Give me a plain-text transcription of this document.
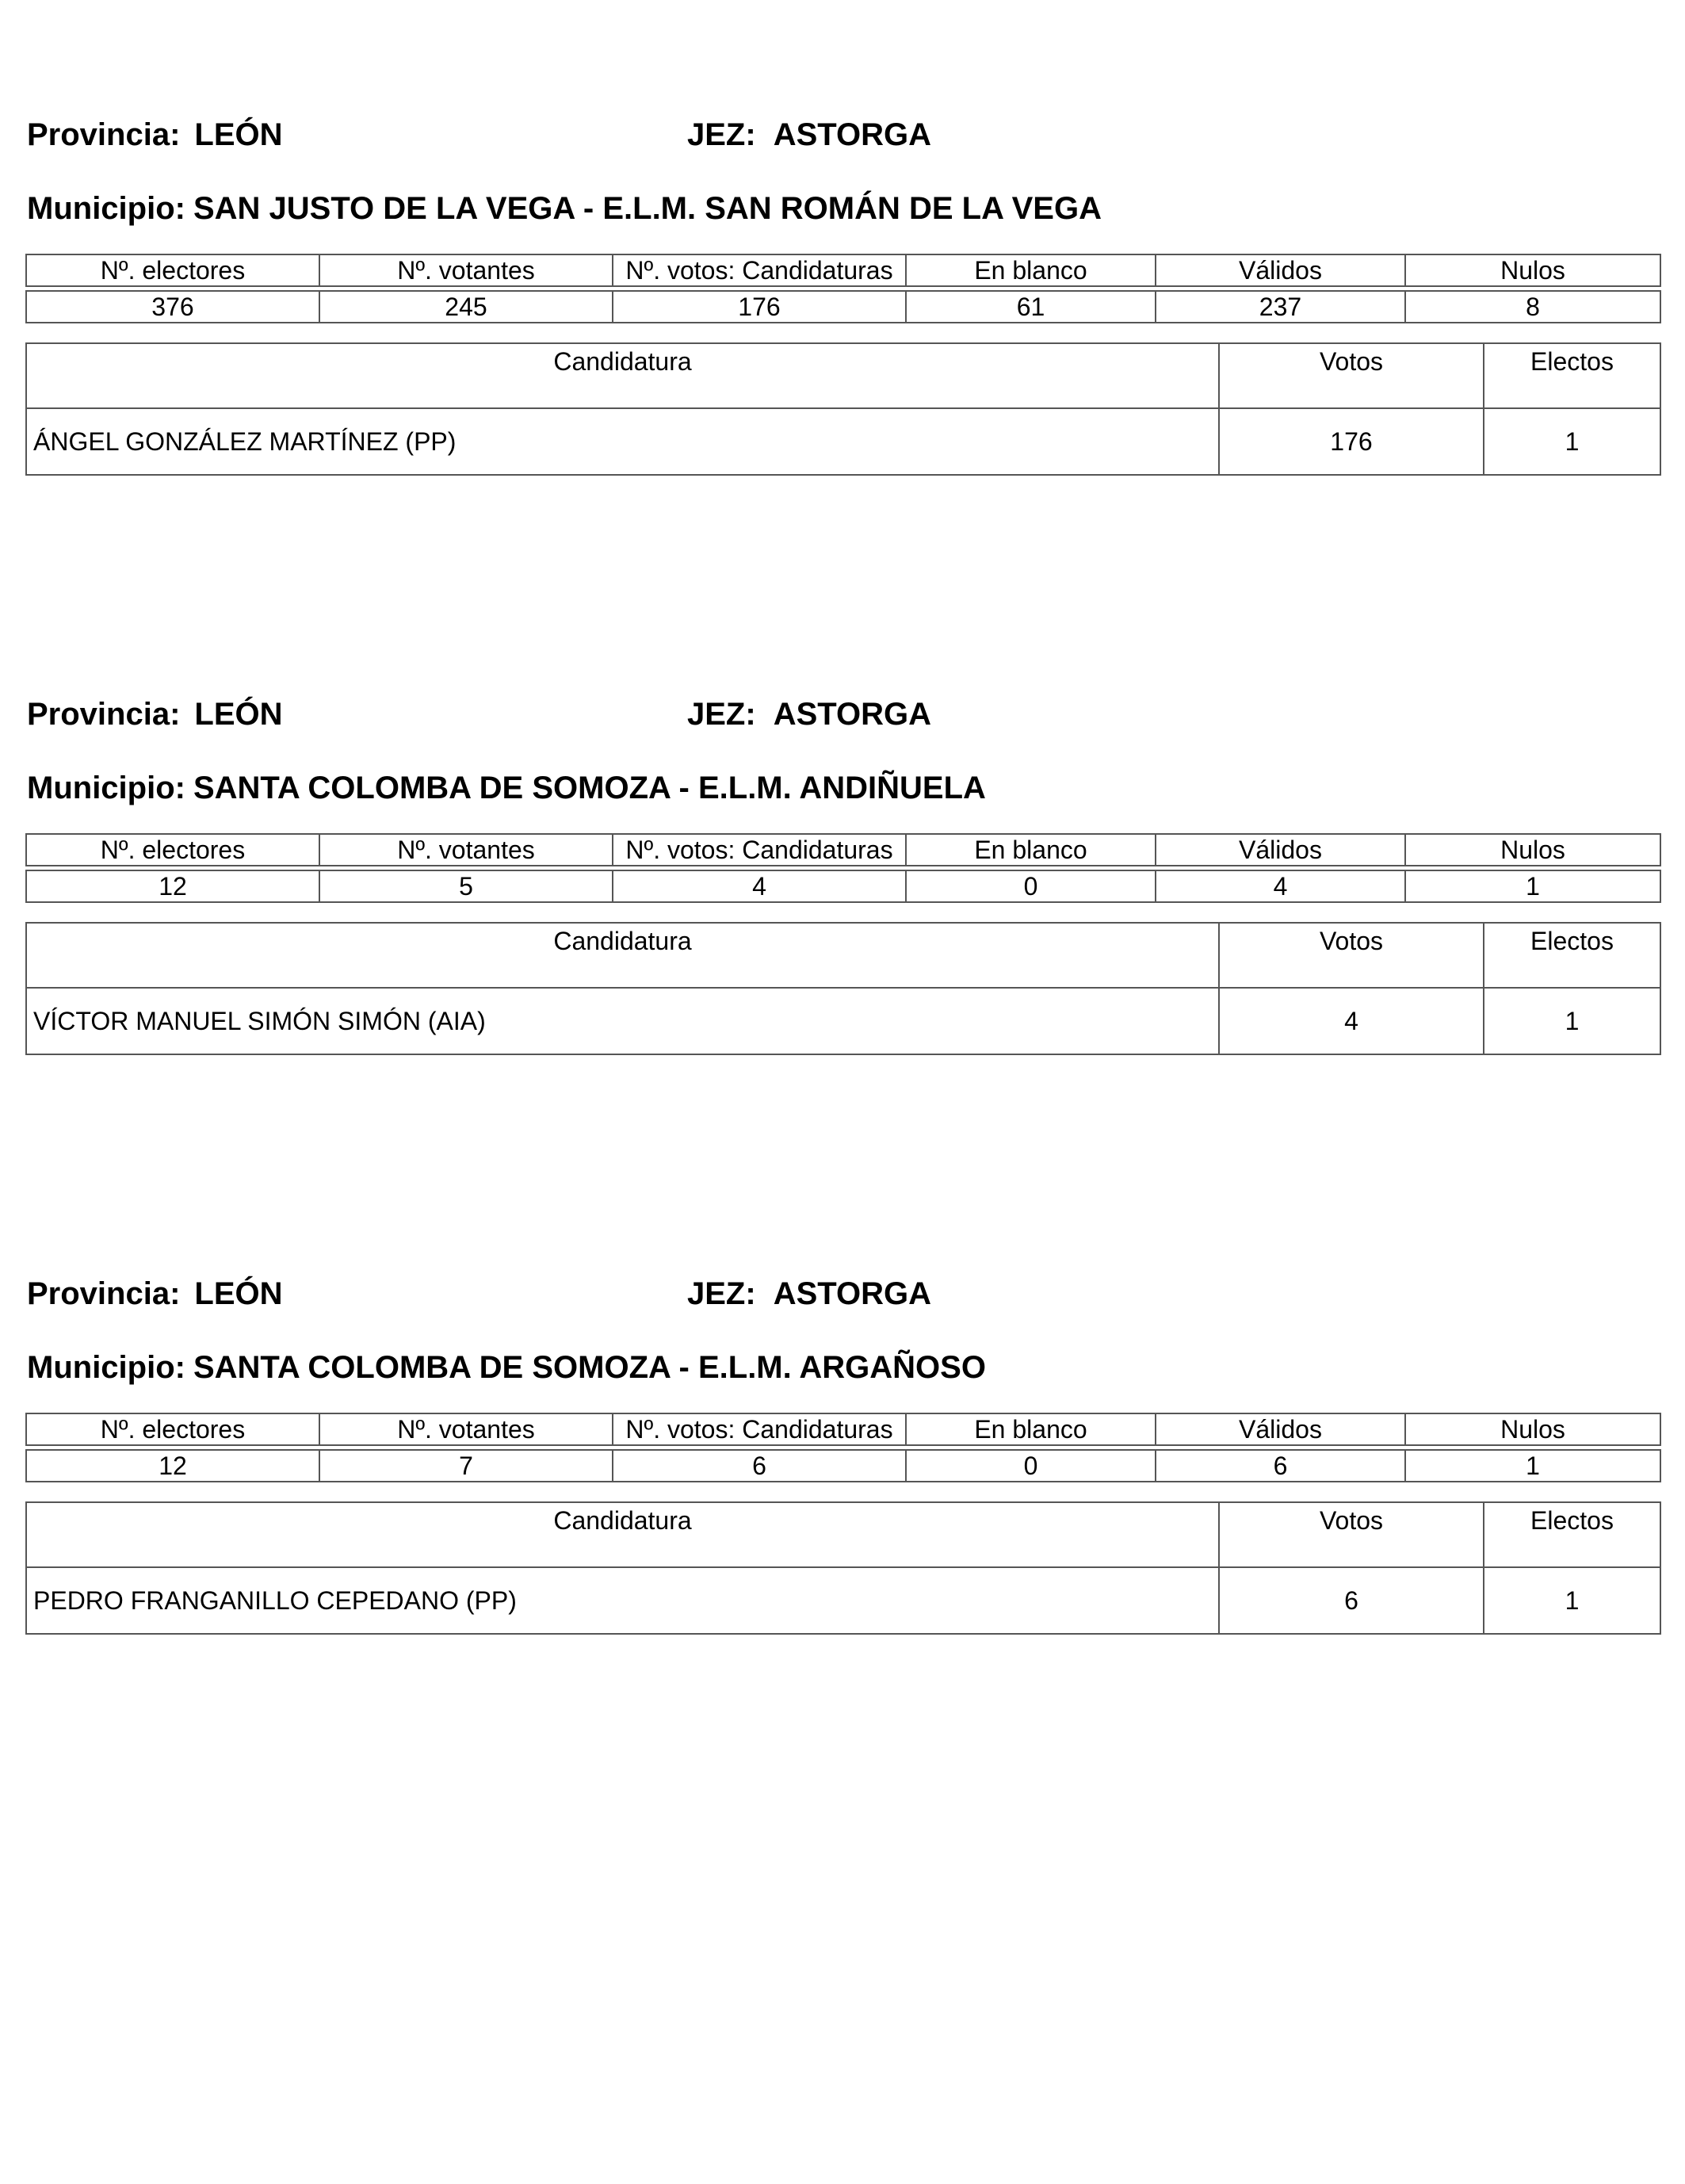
Provincia: LEÓN	JEZ: ASTORGA
Municipio: SAN JUSTO DE LA VEGA - E.L.M. SAN ROMÁN DE LA VEGA
Nº. electores	Nº. votantes	Nº. votos: Candidaturas	En blanco	Válidos	Nulos

376	245	176	61	237	8
Candidatura	Votos	Electos
ÁNGEL GONZÁLEZ MARTÍNEZ (PP)	176	1
Provincia: LEÓN	JEZ: ASTORGA
Municipio: SANTA COLOMBA DE SOMOZA - E.L.M. ANDIÑUELA
Nº. electores	Nº. votantes	Nº. votos: Candidaturas	En blanco	Válidos	Nulos

12	5	4	0	4	1
Candidatura	Votos	Electos
VÍCTOR MANUEL SIMÓN SIMÓN (AIA)	4	1
Provincia: LEÓN	JEZ: ASTORGA
Municipio: SANTA COLOMBA DE SOMOZA - E.L.M. ARGAÑOSO
Nº. electores	Nº. votantes	Nº. votos: Candidaturas	En blanco	Válidos	Nulos

12	7	6	0	6	1
Candidatura	Votos	Electos
PEDRO FRANGANILLO CEPEDANO (PP)	6	1
